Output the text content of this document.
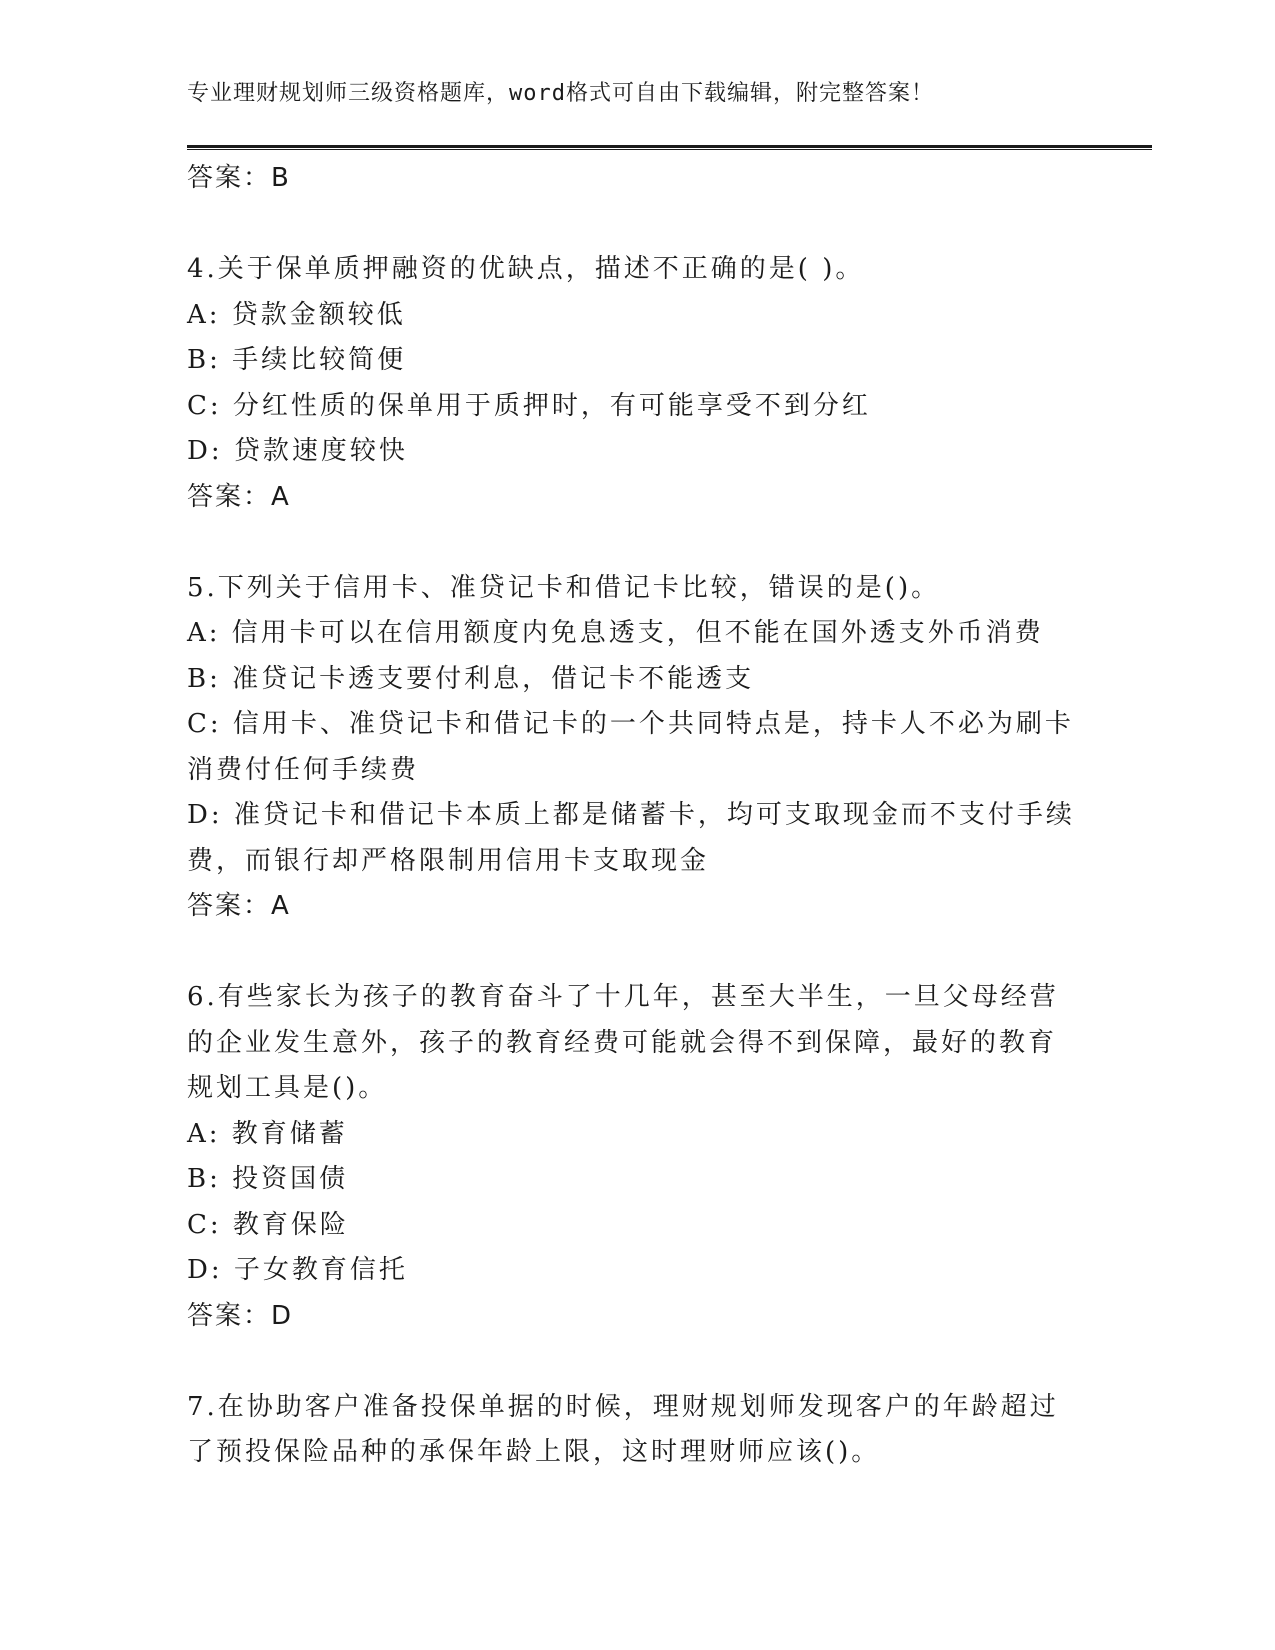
专业理财规划师三级资格题库，word格式可自由下载编辑，附完整答案！
答案：B
4.关于保单质押融资的优缺点，描述不正确的是( )。
A: 贷款金额较低
B: 手续比较简便
C: 分红性质的保单用于质押时，有可能享受不到分红
D: 贷款速度较快
答案：A
5.下列关于信用卡、准贷记卡和借记卡比较，错误的是()。
A: 信用卡可以在信用额度内免息透支，但不能在国外透支外币消费
B: 准贷记卡透支要付利息，借记卡不能透支
C: 信用卡、准贷记卡和借记卡的一个共同特点是，持卡人不必为刷卡
消费付任何手续费
D: 准贷记卡和借记卡本质上都是储蓄卡，均可支取现金而不支付手续
费，而银行却严格限制用信用卡支取现金
答案：A
6.有些家长为孩子的教育奋斗了十几年，甚至大半生，一旦父母经营
的企业发生意外，孩子的教育经费可能就会得不到保障，最好的教育
规划工具是()。
A: 教育储蓄
B: 投资国债
C: 教育保险
D: 子女教育信托
答案：D
7.在协助客户准备投保单据的时候，理财规划师发现客户的年龄超过
了预投保险品种的承保年龄上限，这时理财师应该()。
